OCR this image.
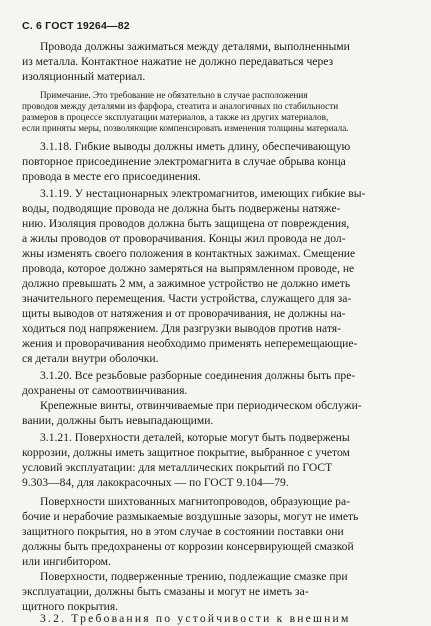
С. 6 ГОСТ 19264—82
Провода должны зажиматься между деталями, выполненными
из металла. Контактное нажатие не должно передаваться через
изоляционный материал.
Примечание. Это требование не обязательно в случае расположения
проводов между деталями из фарфора, стеатита и аналогичных по стабильности
размеров в процессе эксплуатации материалов, а также из других материалов,
если приняты меры, позволяющие компенсировать изменения толщины материала.
3.1.18. Гибкие выводы должны иметь длину, обеспечивающую
повторное присоединение электромагнита в случае обрыва конца
провода в месте его присоединения.
3.1.19. У нестационарных электромагнитов, имеющих гибкие вы-
воды, подводящие провода не должна быть подвержены натяже-
нию. Изоляция проводов должна быть защищена от повреждения,
а жилы проводов от проворачивания. Концы жил провода не дол-
жны изменять своего положения в контактных зажимах. Смещение
провода, которое должно замеряться на выпрямленном проводе, не
должно превышать 2 мм, а зажимное устройство не должно иметь
значительного перемещения. Части устройства, служащего для за-
щиты выводов от натяжения и от проворачивания, не должны на-
ходиться под напряжением. Для разгрузки выводов против натя-
жения и проворачивания необходимо применять неперемещающие-
ся детали внутри оболочки.
3.1.20. Все резьбовые разборные соединения должны быть пре-
дохранены от самоотвинчивания.
Крепежные винты, отвинчиваемые при периодическом обслужи-
вании, должны быть невыпадающими.
3.1.21. Поверхности деталей, которые могут быть подвержены
коррозии, должны иметь защитное покрытие, выбранное с учетом
условий эксплуатации: для металлических покрытий по ГОСТ
9.303—84, для лакокрасочных — по ГОСТ 9.104—79.
Поверхности шихтованных магнитопроводов, образующие ра-
бочие и нерабочие размыкаемые воздушные зазоры, могут не иметь
защитного покрытия, но в этом случае в состоянии поставки они
должны быть предохранены от коррозии консервирующей смазкой
или ингибитором.
Поверхности, подверженные трению, подлежащие смазке при
эксплуатации, должны быть смазаны и могут не иметь за-
щитного покрытия.
3.2. Требования по устойчивости к внешним
